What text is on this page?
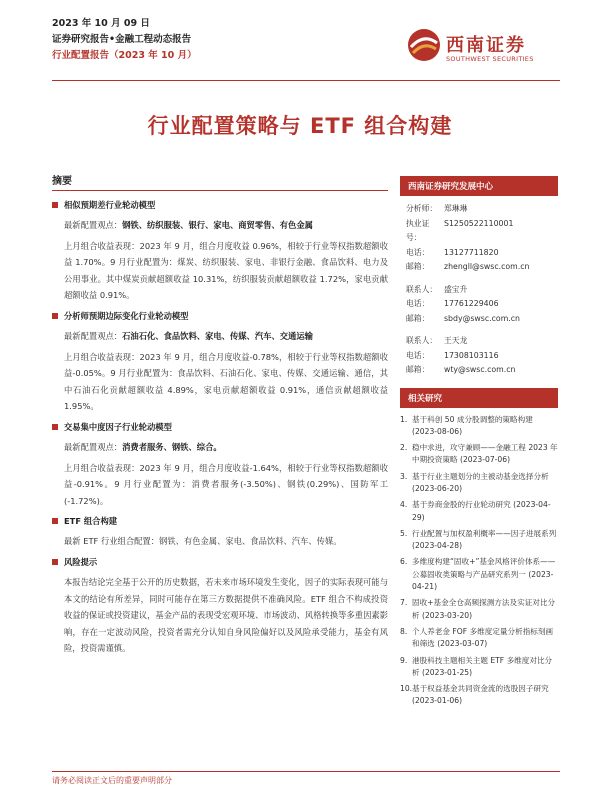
2023 年 10 月 09 日
证券研究报告•金融工程动态报告
行业配置报告（2023 年 10 月）	西南证券
SOUTHWEST SECURITIES
行业配置策略与 ETF 组合构建
摘要
相似预期差行业轮动模型

最新配置观点：钢铁、纺织服装、银行、家电、商贸零售、有色金属

上月组合收益表现：2023 年 9 月，组合月度收益 0.96%，相较于行业等权指数超额收益 1.70%。9 月行业配置为：煤炭、纺织服装、家电、非银行金融、食品饮料、电力及公用事业。其中煤炭贡献超额收益 10.31%，纺织服装贡献超额收益 1.72%，家电贡献超额收益 0.91%。

分析师预期边际变化行业轮动模型

最新配置观点：石油石化、食品饮料、家电、传媒、汽车、交通运输

上月组合收益表现：2023 年 9 月，组合月度收益-0.78%，相较于行业等权指数超额收益-0.05%。9 月行业配置为：食品饮料、石油石化、家电、传媒、交通运输、通信，其中石油石化贡献超额收益 4.89%，家电贡献超额收益 0.91%，通信贡献超额收益 1.95%。

交易集中度因子行业轮动模型

最新配置观点：消费者服务、钢铁、综合。

上月组合收益表现：2023 年 9 月，组合月度收益-1.64%，相较于行业等权指数超额收益-0.91%。9 月行业配置为：消费者服务(-3.50%)、钢铁(0.29%)、国防军工(-1.72%)。

ETF 组合构建

最新 ETF 行业组合配置：钢铁、有色金属、家电、食品饮料、汽车、传媒。

风险提示

本报告结论完全基于公开的历史数据，若未来市场环境发生变化，因子的实际表现可能与本文的结论有所差异，同时可能存在第三方数据提供不准确风险。ETF 组合不构成投资收益的保证或投资建议，基金产品的表现受宏观环境、市场波动、风格转换等多重因素影响，存在一定波动风险，投资者需充分认知自身风险偏好以及风险承受能力，基金有风险，投资需谨慎。

西南证券研究发展中心
分析师： 郑琳琳
执业证号：
S1250522110001
电话：	13127711820
邮箱：	zhengll@swsc.com.cn
联系人： 盛宝升
电话：	17761229406
邮箱：	sbdy@swsc.com.cn
联系人： 王天龙
电话：	17308103116
邮箱：	wty@swsc.com.cn
相关研究
1. 基于科创 50 成分股调整的策略构建 (2023-08-06)
2. 稳中求进，攻守兼顾——金融工程 2023 年中期投资策略 (2023-07-06)
3. 基于行业主题划分的主被动基金选择分析 (2023-06-20)
4. 基于券商金股的行业轮动研究 (2023-04-29)
5. 行业配置与加权盈利概率——因子进展系列 (2023-04-28)
6. 多维度构建“固收+”基金风格评价体系——公募固收类策略与产品研究系列一 (2023-04-21)
7. 固收+基金全仓高频探测方法及实证对比分析 (2023-03-20)
8. 个人养老金 FOF 多维度定量分析指标刻画和筛选 (2023-03-07)
9. 港股科技主题相关主题 ETF 多维度对比分析 (2023-01-25)
10. 基于权益基金共同资金流的选股因子研究 (2023-01-06)
请务必阅读正文后的重要声明部分
